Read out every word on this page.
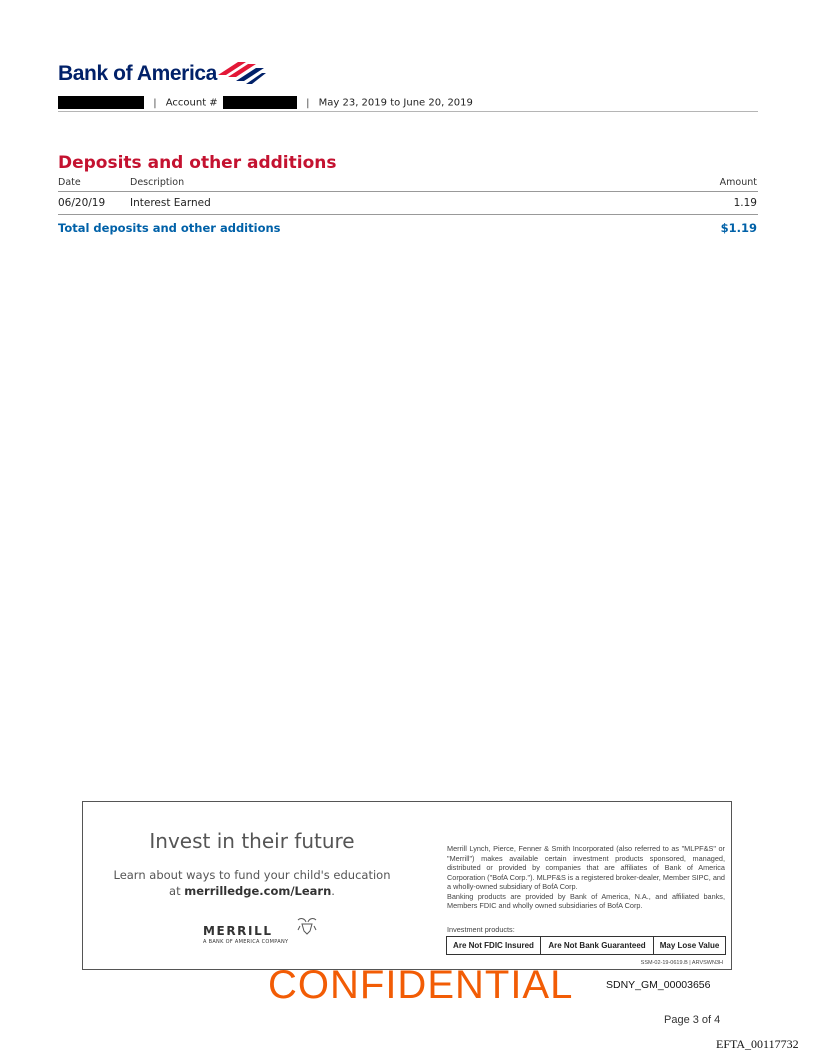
Bank of America
| Account #	| May 23, 2019 to June 20, 2019
Deposits and other additions
Date	Description	Amount
06/20/19 Interest Earned	1.19
Total deposits and other additions	$1.19
Invest in their future
Learn about ways to fund your child's education
at merrilledge.com/Learn.
MERRILL
A BANK OF AMERICA COMPANY

Merrill Lynch, Pierce, Fenner & Smith Incorporated (also referred to as "MLPF&S" or "Merrill") makes available certain investment products sponsored, managed, distributed or provided by companies that are affiliates of Bank of America Corporation ("BofA Corp."). MLPF&S is a registered broker-dealer, Member SIPC, and a wholly-owned subsidiary of BofA Corp.

Banking products are provided by Bank of America, N.A., and affiliated banks, Members FDIC and wholly owned subsidiaries of BofA Corp.

Investment products:
Are Not FDIC Insured	Are Not Bank Guaranteed	May Lose Value
SSM-02-19-0619.B | ARVSWN3H
CONFIDENTIAL	SDNY_GM_00003656
Page 3 of 4
EFTA_00117732
